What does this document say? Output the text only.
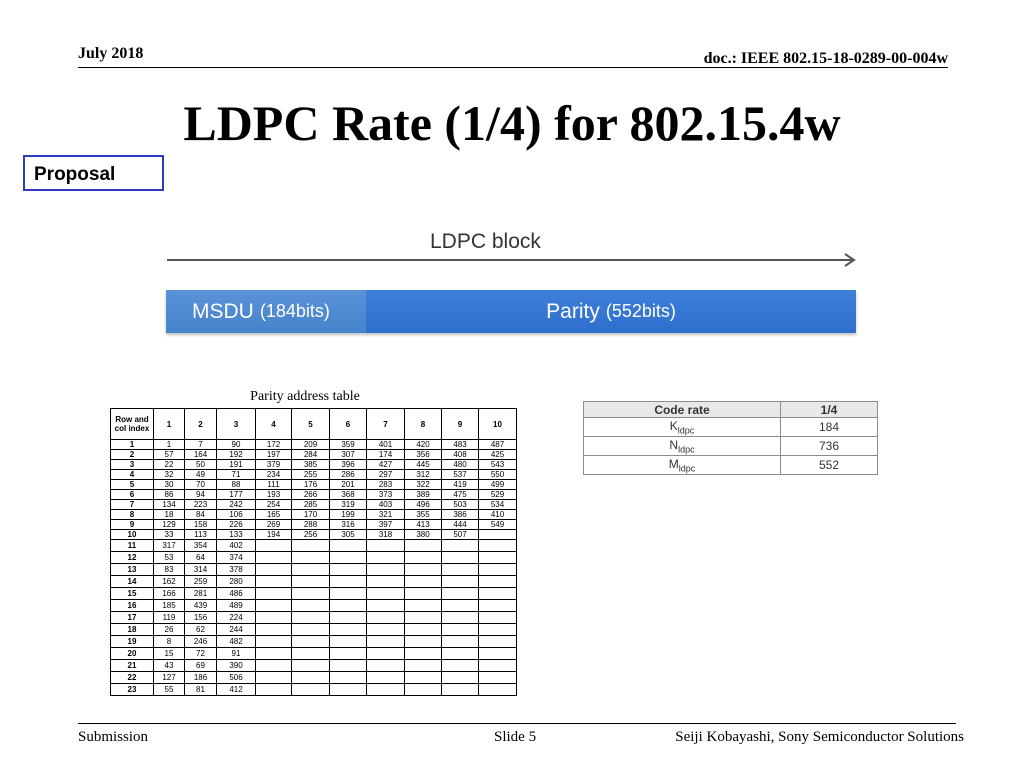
July 2018	doc.: IEEE 802.15-18-0289-00-004w
LDPC Rate (1/4) for 802.15.4w
Proposal
LDPC block
MSDU (184bits)	Parity (552bits)
Parity address table
Row and col index	1	2	3	4	5	6	7	8	9	10
1	1	7	90	172	209	359	401	420	483	487
2	57	164	192	197	284	307	174	356	408	425
3	22	50	191	379	385	396	427	445	480	543
4	32	49	71	234	255	286	297	312	537	550
5	30	70	88	111	176	201	283	322	419	499
6	86	94	177	193	266	368	373	389	475	529
7	134	223	242	254	285	319	403	496	503	534
8	18	84	106	165	170	199	321	355	386	410
9	129	158	226	269	288	316	397	413	444	549
10	33	113	133	194	256	305	318	380	507	
11	317	354	402							
12	53	64	374							
13	83	314	378							
14	162	259	280							
15	166	281	486							
16	185	439	489							
17	119	156	224							
18	26	62	244							
19	8	246	482							
20	15	72	91							
21	43	69	390							
22	127	186	506							
23	55	81	412							
Code rate	1/4
$K_{ldpc}$	184
$N_{ldpc}$	736
$M_{ldpc}$	552
Submission	Slide 5	Seiji Kobayashi, Sony Semiconductor Solutions
